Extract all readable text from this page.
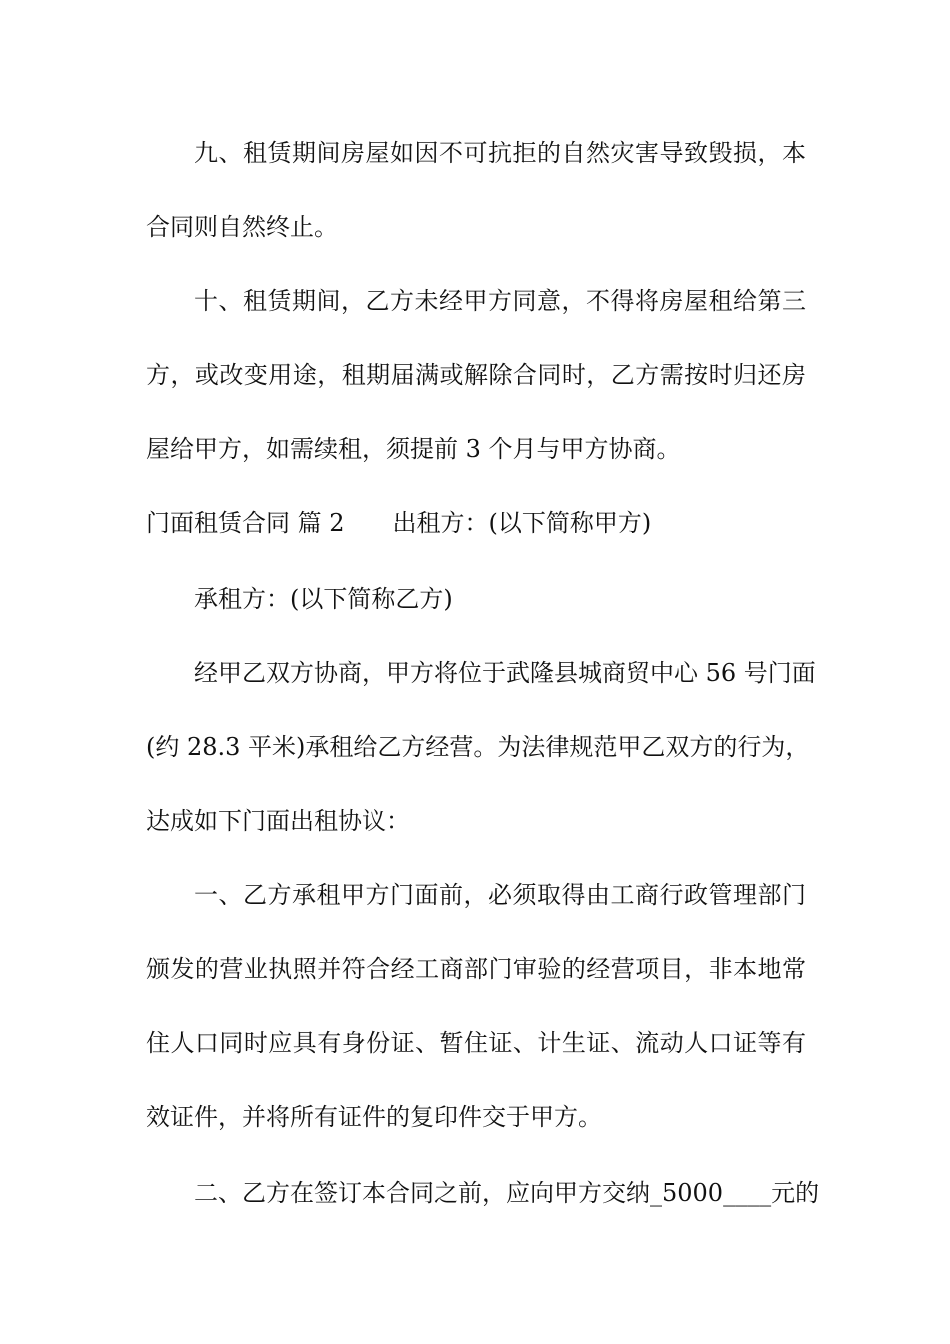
九、租赁期间房屋如因不可抗拒的自然灾害导致毁损，本
合同则自然终止。
十、租赁期间，乙方未经甲方同意，不得将房屋租给第三
方，或改变用途，租期届满或解除合同时，乙方需按时归还房
屋给甲方，如需续租，须提前 3 个月与甲方协商。
门面租赁合同 篇 2 出租方：(以下简称甲方)
承租方：(以下简称乙方)
经甲乙双方协商，甲方将位于武隆县城商贸中心 56 号门面
(约 28.3 平米)承租给乙方经营。为法律规范甲乙双方的行为，
达成如下门面出租协议：
一、乙方承租甲方门面前，必须取得由工商行政管理部门
颁发的营业执照并符合经工商部门审验的经营项目，非本地常
住人口同时应具有身份证、暂住证、计生证、流动人口证等有
效证件，并将所有证件的复印件交于甲方。
二、乙方在签订本合同之前，应向甲方交纳_5000____元的
